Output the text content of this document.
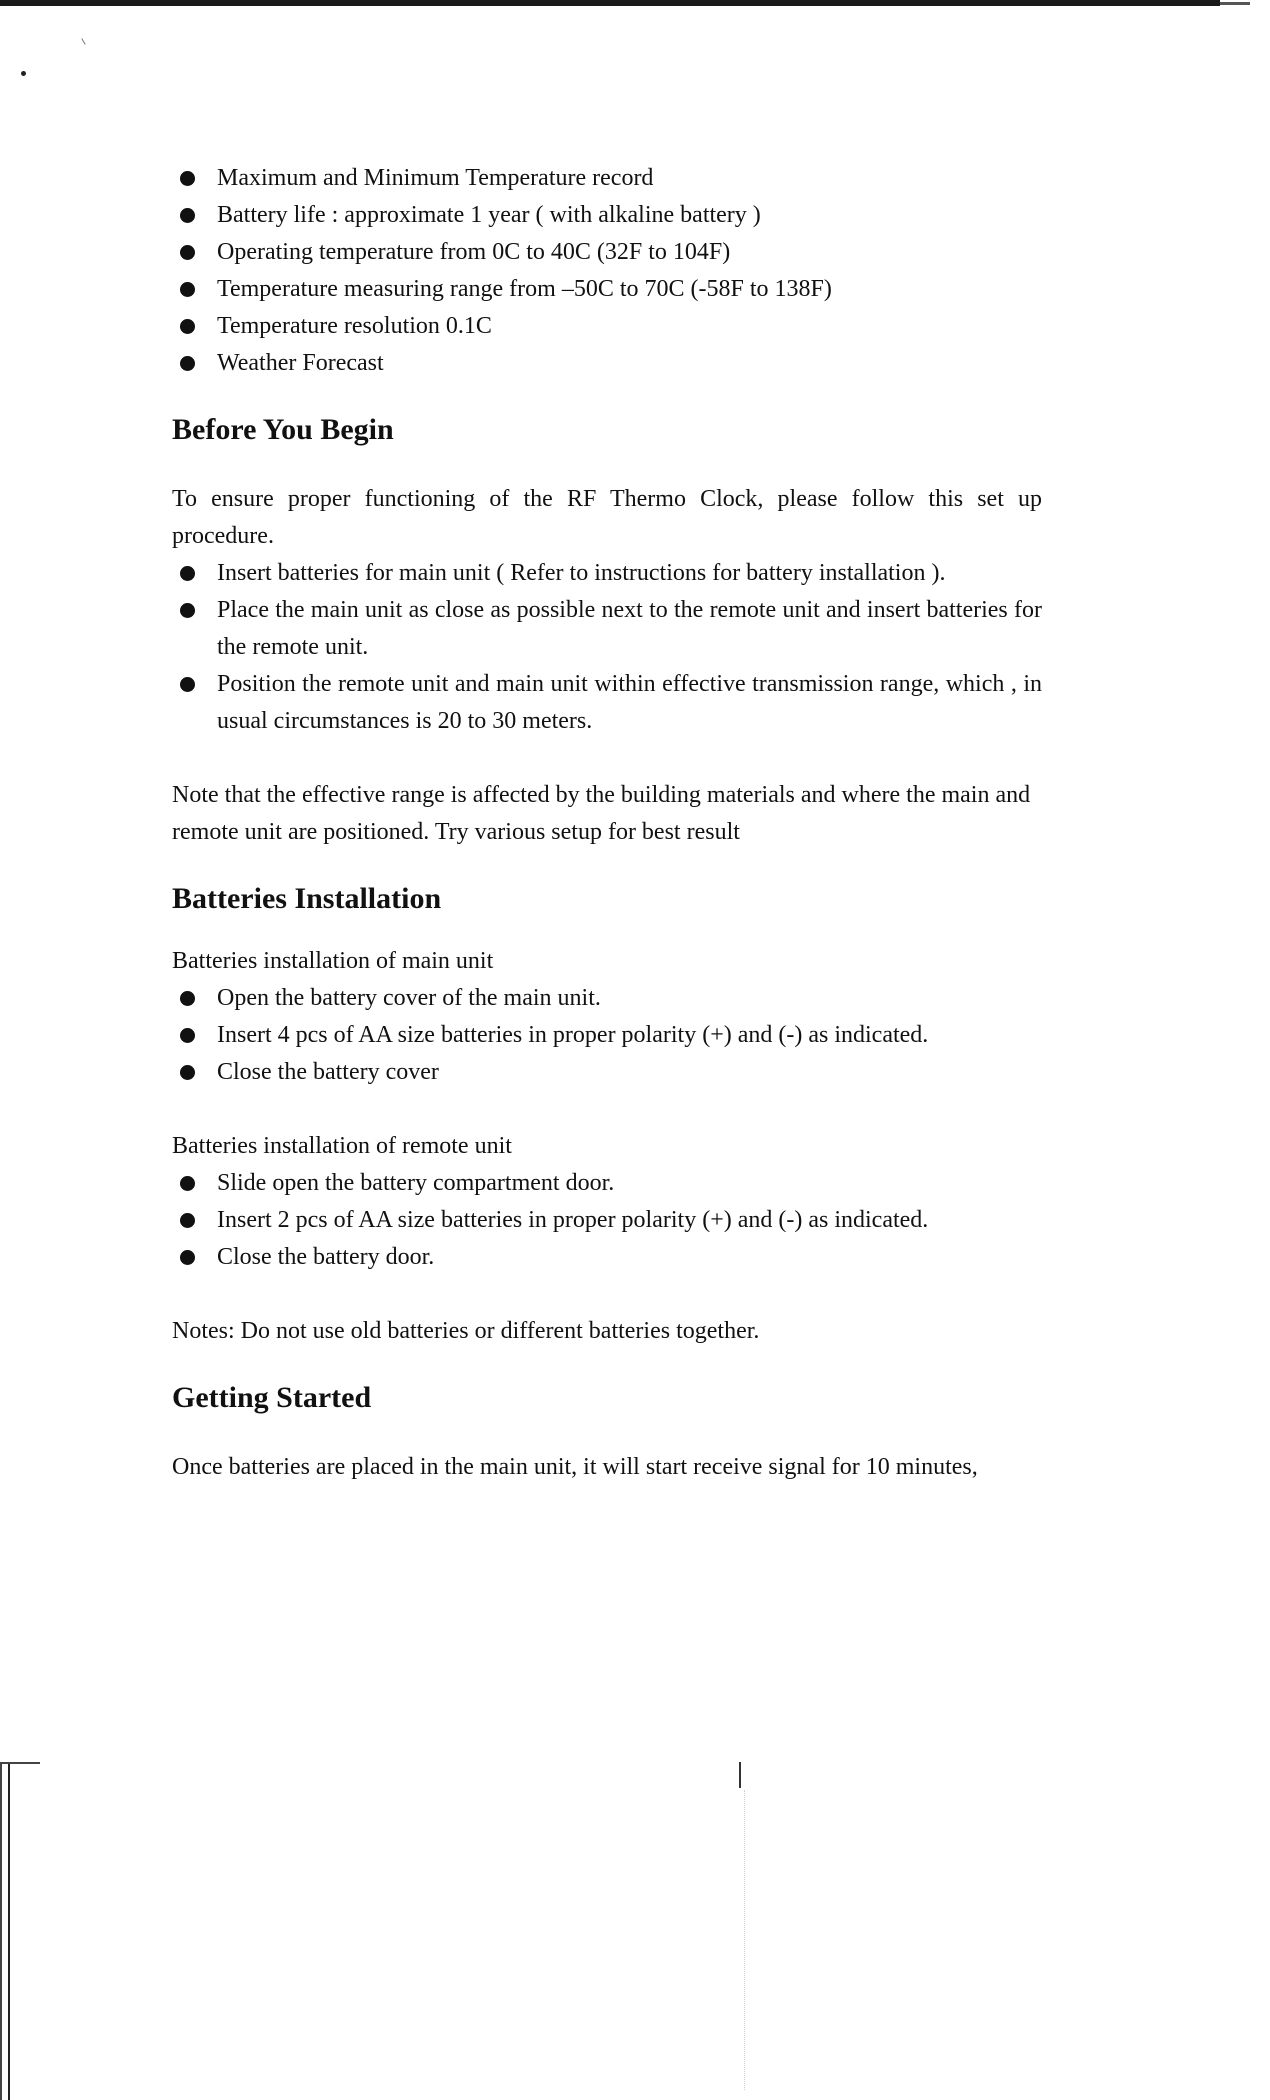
Maximum and Minimum Temperature record
Battery life : approximate 1 year ( with alkaline battery )
Operating temperature from 0C to 40C (32F to 104F)
Temperature measuring range from –50C to 70C (-58F to 138F)
Temperature resolution 0.1C
Weather Forecast
Before You Begin

To ensure proper functioning of the RF Thermo Clock, please follow this set up procedure.

Insert batteries for main unit ( Refer to instructions for battery installation ).
Place the main unit as close as possible next to the remote unit and insert batteries for the remote unit.
Position the remote unit and main unit within effective transmission range, which , in usual circumstances is 20 to 30 meters.

Note that the effective range is affected by the building materials and where the main and remote unit are positioned. Try various setup for best result

Batteries Installation

Batteries installation of main unit

Open the battery cover of the main unit.
Insert 4 pcs of AA size batteries in proper polarity (+) and (-) as indicated.
Close the battery cover

Batteries installation of remote unit

Slide open the battery compartment door.
Insert 2 pcs of AA size batteries in proper polarity (+) and (-) as indicated.
Close the battery door.

Notes: Do not use old batteries or different batteries together.

Getting Started

Once batteries are placed in the main unit, it will start receive signal for 10 minutes,
